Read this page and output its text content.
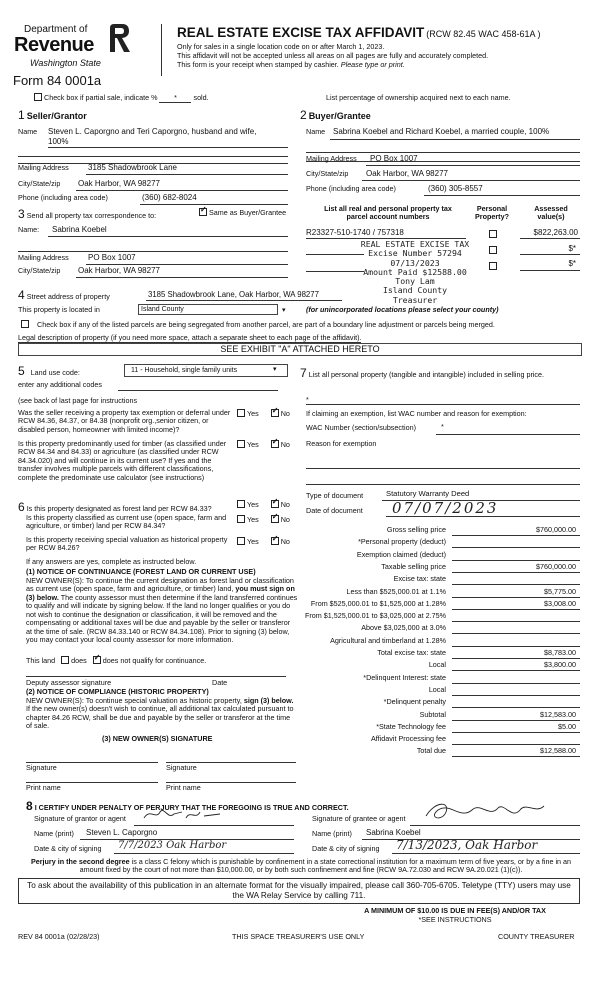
Department of
Revenue
Washington State
Form 84 0001a
REAL ESTATE EXCISE TAX AFFIDAVIT (RCW 82.45 WAC 458-61A )
Only for sales in a single location code on or after March 1, 2023.
This affidavit will not be accepted unless all areas on all pages are fully and accurately completed.
This form is your receipt when stamped by cashier. Please type or print.
Check box if partial sale, indicate % * sold.	List percentage of ownership acquired next to each name.
1 Seller/Grantor
Name Steven L. Caporgno and Teri Caporgno, husband and wife,
100%
Mailing Address 3185 Shadowbrook Lane
City/State/zip Oak Harbor, WA 98277
Phone (including area code)	(360) 682-8024
2 Buyer/Grantee
Name Sabrina Koebel and Richard Koebel, a married couple, 100%
Mailing Address PO Box 1007
City/State/zip Oak Harbor, WA 98277
Phone (including area code)	(360) 305-8557
3 Send all property tax correspondence to: ✓	Same as Buyer/Grantee
Name: Sabrina Koebel
Mailing Address PO Box 1007
City/State/zip Oak Harbor, WA 98277
List all real and personal property tax
parcel account numbers
Personal
Property?
Assessed
value(s)
R23327-510-1740 / 757318	$822,263.00
$*
$*
REAL ESTATE EXCISE TAX
Excise Number 57294
07/13/2023
Amount Paid $12588.00
Tony Lam
Island County Treasurer
4 Street address of property	3185 Shadowbrook Lane, Oak Harbor, WA 98277
This property is located in	Island County	▾	(for unincorporated locations please select your county)
Check box if any of the listed parcels are being segregated from another parcel, are part of a boundary line adjustment or parcels being merged.
Legal description of property (if you need more space, attach a separate sheet to each page of the affidavit).
SEE EXHIBIT "A" ATTACHED HERETO
5 Land use code:	11 - Household, single family units	▾
enter any additional codes
(see back of last page for instructions
Was the seller receiving a property tax exemption or deferral under RCW 84.36, 84.37, or 84.38 (nonprofit org.,senior citizen, or disabled person, homeowner with limited income)?
Yes ✓	No
Is this property predominantly used for timber (as classified under RCW 84.34 and 84.33) or agriculture (as classified under RCW 84.34.020) and will continue in its current use? If yes and the transfer involves multiple parcels with different classifications, complete the predominate use calculator (see instructions)
Yes ✓	No
6 Is this property designated as forest land per RCW 84.33?	Yes ✓	No
Is this property classified as current use (open space, farm and agriculture, or timber) land per RCW 84.34?
Yes ✓	No
Is this property receiving special valuation as historical property per RCW 84.26?
Yes ✓	No
If any answers are yes, complete as instructed below.
(1) NOTICE OF CONTINUANCE (FOREST LAND OR CURRENT USE)
NEW OWNER(S): To continue the current designation as forest land or classification as current use (open space, farm and agriculture, or timber) land, you must sign on (3) below. The county assessor must then determine if the land transferred continues to qualify and will indicate by signing below. If the land no longer qualifies or you do not wish to continue the designation or classification, it will be removed and the compensating or additional taxes will be due and payable by the seller or transferor at the time of sale. (RCW 84.33.140 or RCW 84.34.108). Prior to signing (3) below, you may contact your local county assessor for more information.
This land does ✓ does not qualify for continuance.
Deputy assessor signature	Date
(2) NOTICE OF COMPLIANCE (HISTORIC PROPERTY)
NEW OWNER(S): To continue special valuation as historic property, sign (3) below. If the new owner(s) doesn't wish to continue, all additional tax calculated pursuant to chapter 84.26 RCW, shall be due and payable by the seller or transferor at the time of sale.
(3) NEW OWNER(S) SIGNATURE
Signature	Signature
Print name	Print name
7 List all personal property (tangible and intangible) included in selling price.
*
If claiming an exemption, list WAC number and reason for exemption:
WAC Number (section/subsection)	*
Reason for exemption
Type of document	Statutory Warranty Deed
Date of document 07/07/2023
Gross selling price	$760,000.00
*Personal property (deduct)
Exemption claimed (deduct)
Taxable selling price	$760,000.00
Excise tax: state
Less than $525,000.01 at 1.1%	$5,775.00
From $525,000.01 to $1,525,000 at 1.28%	$3,008.00
From $1,525,000.01 to $3,025,000 at 2.75%
Above $3,025,000 at 3.0%
Agricultural and timberland at 1.28%
Total excise tax: state	$8,783.00
Local	$3,800.00
*Delinquent Interest: state
Local
*Delinquent penalty
Subtotal	$12,583.00
*State Technology fee	$5.00
Affidavit Processing fee
Total due	$12,588.00
A MINIMUM OF $10.00 IS DUE IN FEE(S) AND/OR TAX
*SEE INSTRUCTIONS
8 I CERTIFY UNDER PENALTY OF PERJURY THAT THE FOREGOING IS TRUE AND CORRECT.
Signature of grantor or agent	Signature of grantee or agent
Name (print) Steven L. Caporgno	Name (print) Sabrina Koebel
Date & city of signing 7/7/2023 Oak Harbor	Date & city of signing 7/13/2023, Oak Harbor
Perjury in the second degree is a class C felony which is punishable by confinement in a state correctional institution for a maximum term of five years, or by a fine in an amount fixed by the court of not more than $10,000.00, or by both such confinement and fine (RCW 9A.72.030 and RCW 9A.20.021 (1)(c)).
To ask about the availability of this publication in an alternate format for the visually impaired, please call 360-705-6705. Teletype (TTY) users may use the WA Relay Service by calling 711.
REV 84 0001a (02/28/23)	THIS SPACE TREASURER'S USE ONLY	COUNTY TREASURER
